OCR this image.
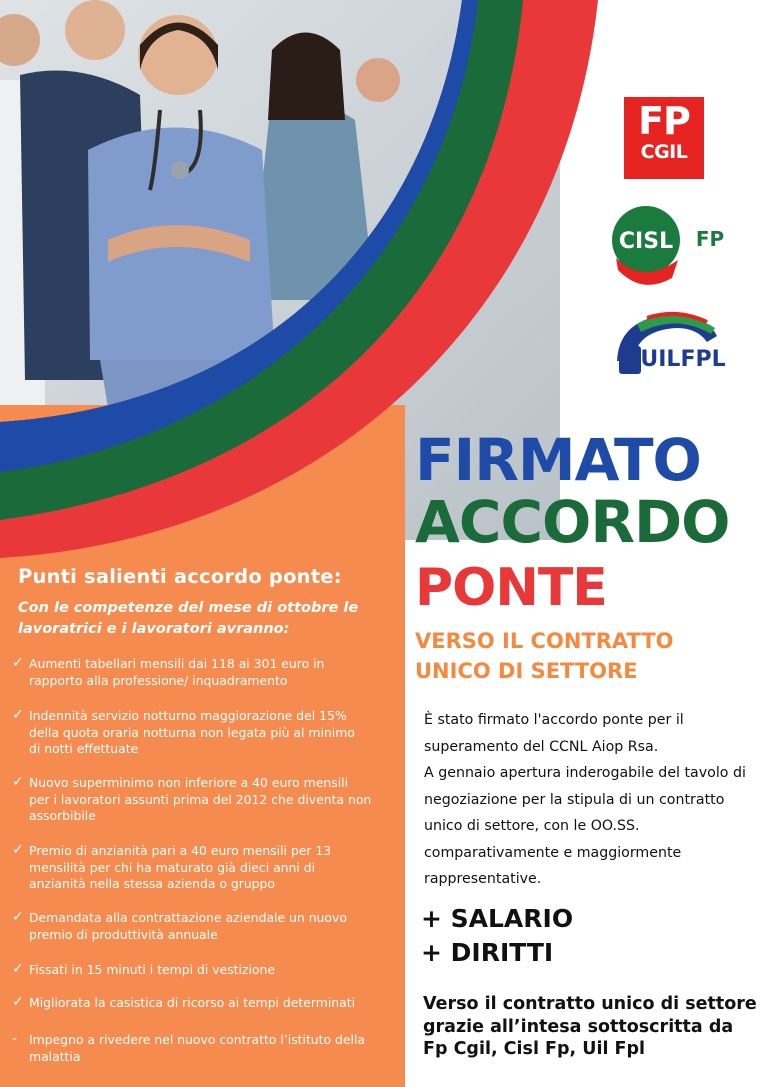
FP
CGIL
CISL FP
UILFPL
FIRMATO
ACCORDO
PONTE
VERSO IL CONTRATTO
UNICO DI SETTORE
È stato firmato l'accordo ponte per il
superamento del CCNL Aiop Rsa.
A gennaio apertura inderogabile del tavolo di
negoziazione per la stipula di un contratto
unico di settore, con le OO.SS.
comparativamente e maggiormente
rappresentative.
+ SALARIO
+ DIRITTI
Verso il contratto unico di settore
grazie all’intesa sottoscritta da
Fp Cgil, Cisl Fp, Uil Fpl
Punti salienti accordo ponte:
Con le competenze del mese di ottobre le
lavoratrici e i lavoratori avranno:
✓ Aumenti tabellari mensili dai 118 ai 301 euro in
rapporto alla professione/ inquadramento
✓ Indennità servizio notturno maggiorazione del 15%
della quota oraria notturna non legata più al minimo
di notti effettuate
✓ Nuovo superminimo non inferiore a 40 euro mensili
per i lavoratori assunti prima del 2012 che diventa non
assorbibile
✓ Premio di anzianità pari a 40 euro mensili per 13
mensilità per chi ha maturato già dieci anni di
anzianità nella stessa azienda o gruppo
✓ Demandata alla contrattazione aziendale un nuovo
premio di produttività annuale
✓ Fissati in 15 minuti i tempi di vestizione
✓ Migliorata la casistica di ricorso ai tempi determinati
- Impegno a rivedere nel nuovo contratto l’istituto della
malattia
